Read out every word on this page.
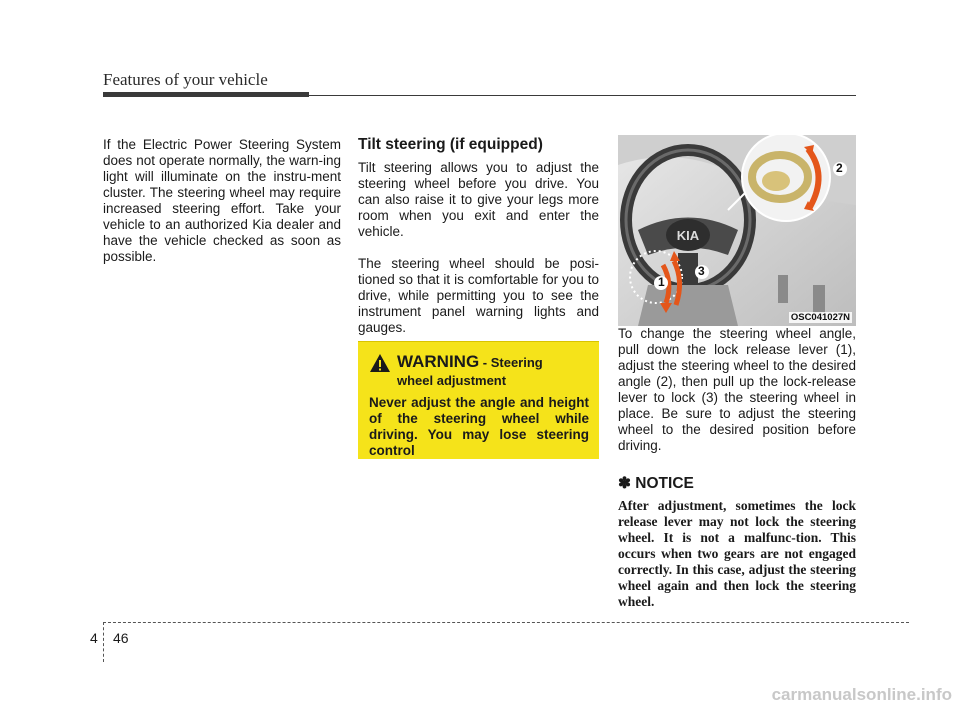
Features of your vehicle

If the Electric Power Steering System does not operate normally, the warn-ing light will illuminate on the instru-ment cluster. The steering wheel may require increased steering effort. Take your vehicle to an authorized Kia dealer and have the vehicle checked as soon as possible.

Tilt steering (if equipped)

Tilt steering allows you to adjust the steering wheel before you drive. You can also raise it to give your legs more room when you exit and enter the vehicle.

The steering wheel should be posi-tioned so that it is comfortable for you to drive, while permitting you to see the instrument panel warning lights and gauges.

WARNING - Steering
wheel adjustment
Never adjust the angle and height of the steering wheel while driving. You may lose steering control
KIA
2
1
3
OSC041027N

To change the steering wheel angle, pull down the lock release lever (1), adjust the steering wheel to the desired angle (2), then pull up the lock-release lever to lock (3) the steering wheel in place. Be sure to adjust the steering wheel to the desired position before driving.

✽ NOTICE
After adjustment, sometimes the lock release lever may not lock the steering wheel. It is not a malfunc-tion. This occurs when two gears are not engaged correctly. In this case, adjust the steering wheel again and then lock the steering wheel.
4 46
carmanualsonline.info
